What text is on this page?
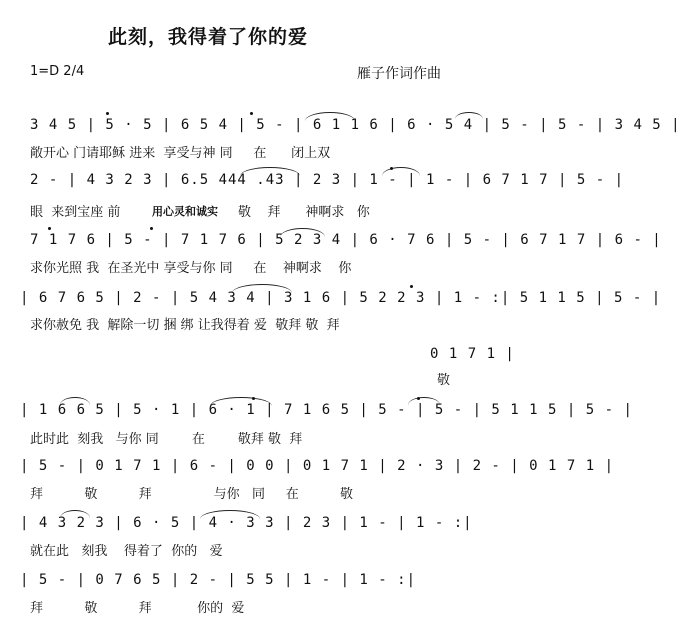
此刻，我得着了你的爱
1=D 2/4	雁子作词作曲
3 4 5 | 5 · 5 | 6 5 4 | 5 - | 6 1 1 6 | 6 · 5 4 | 5 - | 5 - | 3 4 5 |
敞开心 门请耶稣 进来  享受与神 同     在      闭上双
2 - | 4 3 2 3 | 6.5 444 .43 | 2 3 | 1 - | 1 - | 6 7 1 7 | 5 - |
眼  来到宝座 前	用心灵和诚实 敬    拜      神啊求   你
7 1 7 6 | 5 - | 7 1 7 6 | 5 2 3 4 | 6 · 7 6 | 5 - | 6 7 1 7 | 6 - |
求你光照 我  在圣光中 享受与你 同     在    神啊求    你
| 6 7 6 5 | 2 - | 5 4 3 4 | 3 1 6 | 5 2 2 3 | 1 - :| 5 1 1 5 | 5 - |
求你赦免 我  解除一切 捆 绑 让我得着 爱  敬拜 敬  拜
0 1 7 1 |
敬
| 1 6 6 5 | 5 · 1 | 6 · 1 | 7 1 6 5 | 5 - | 5 - | 5 1 1 5 | 5 - |
此时此  刻我   与你 同        在        敬拜 敬  拜
| 5 - | 0 1 7 1 | 6 - | 0 0 | 0 1 7 1 | 2 · 3 | 2 - | 0 1 7 1 |
拜          敬          拜               与你   同     在          敬
| 4 3 2 3 | 6 · 5 | 4 · 3 3 | 2 3 | 1 - | 1 - :|
就在此   刻我    得着了  你的   爱
| 5 - | 0 7 6 5 | 2 - | 5 5 | 1 - | 1 - :|
拜          敬          拜           你的  爱
